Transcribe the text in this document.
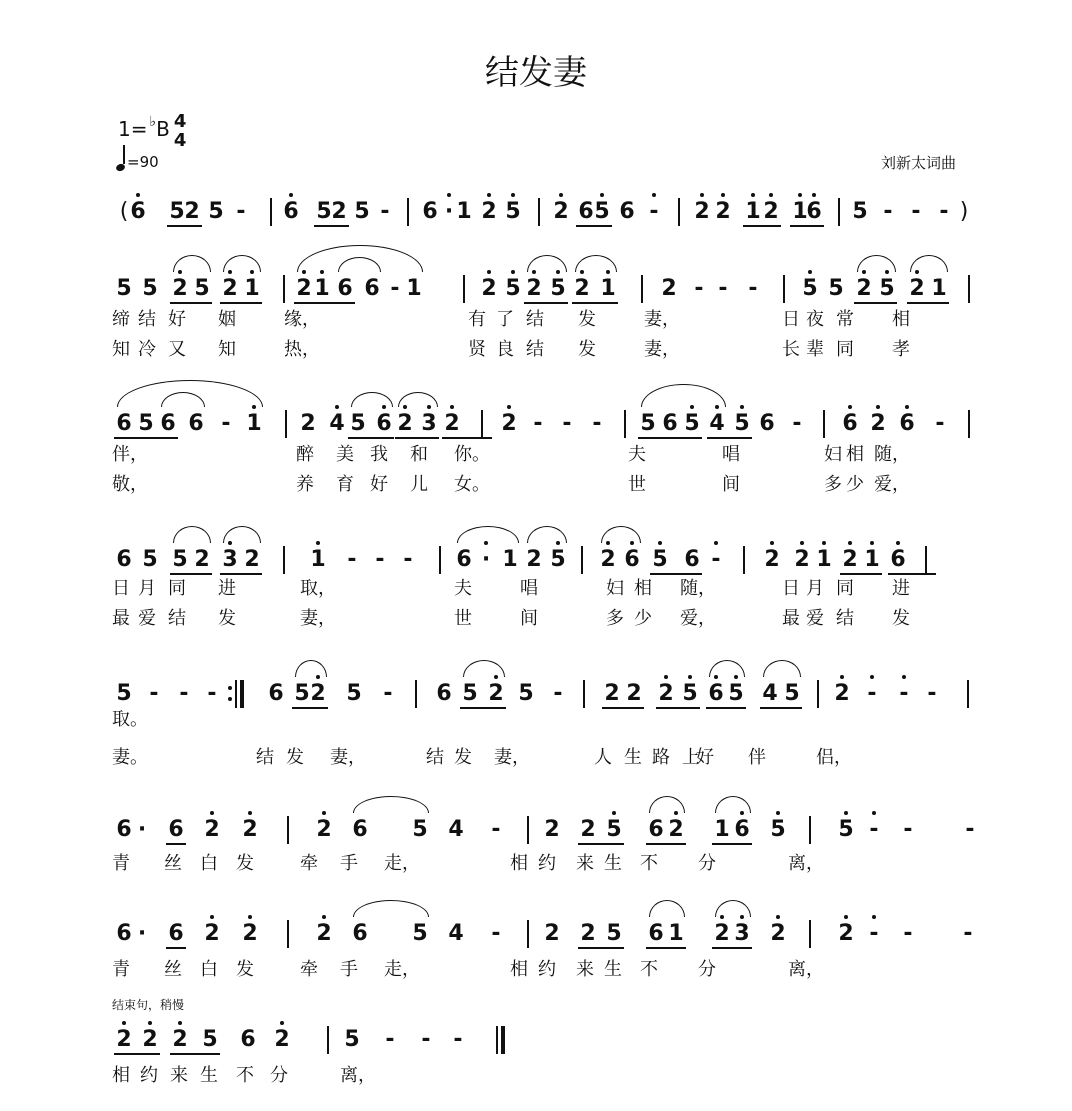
结发妻
1= ♭B 4
4
=90	刘新太词曲
结束句，稍慢
( 6 5 2 5 -	6 5 2 5 -	6 · 1 2 5 2 6 5 6 -	2 2 1 2 1
6 5 - - - )
5 5 2 5 2 1 2 1 6 6 - 1	2 5 2 5 2 1 2 - - -	5 5 2 5 2 1
缔 结 好 姻	缘，	有 了 结 发	妻，	日 夜 常 相
知 冷 又 知	热，	贤 良 结 发	妻，	长 辈 同 孝
6 5 6 6 - 1 2 4 5 6 2 3 2 2 - - -	5 6 5 4 5 6 -	6 2 6 -
伴，	醉 美 我 和 你。	夫	唱	妇 相 随，
敬，	养 育 好 儿 女。	世	间	多 少 爱，
6 5 5 2 3 2 1 - - -	6 · 1 2 5 2 6 5 6 -	2 2 1 2 1 6
日 月 同 进	取，	夫	唱	妇 相 随，	日 月 同 进
最 爱 结 发	妻，	世	间	多 少 爱，	最 爱 结 发
5 - - -	6 5 2 5 -	6 5 2 5 -	2 2 2 5 6 5 4 5 2 -	- -
取。
妻。	结 发 妻，	结 发 妻，	人 生 路 上
好 伴	侣，
6 ·	6 2 2	2 6 5 4	-	2 2 5 6 2 1 6 5 5 -	-	-
青 丝 白 发	牵 手 走，	相 约 来 生 不 分	离，
6 ·	6 2 2	2 6 5 4	-	2 2 5 6 1 2 3 2 2 -	-	-
青 丝 白 发	牵 手 走，	相 约 来 生 不 分	离，
2 2 2 5 6 2 5	-	-	-
相 约 来 生 不 分	离，
